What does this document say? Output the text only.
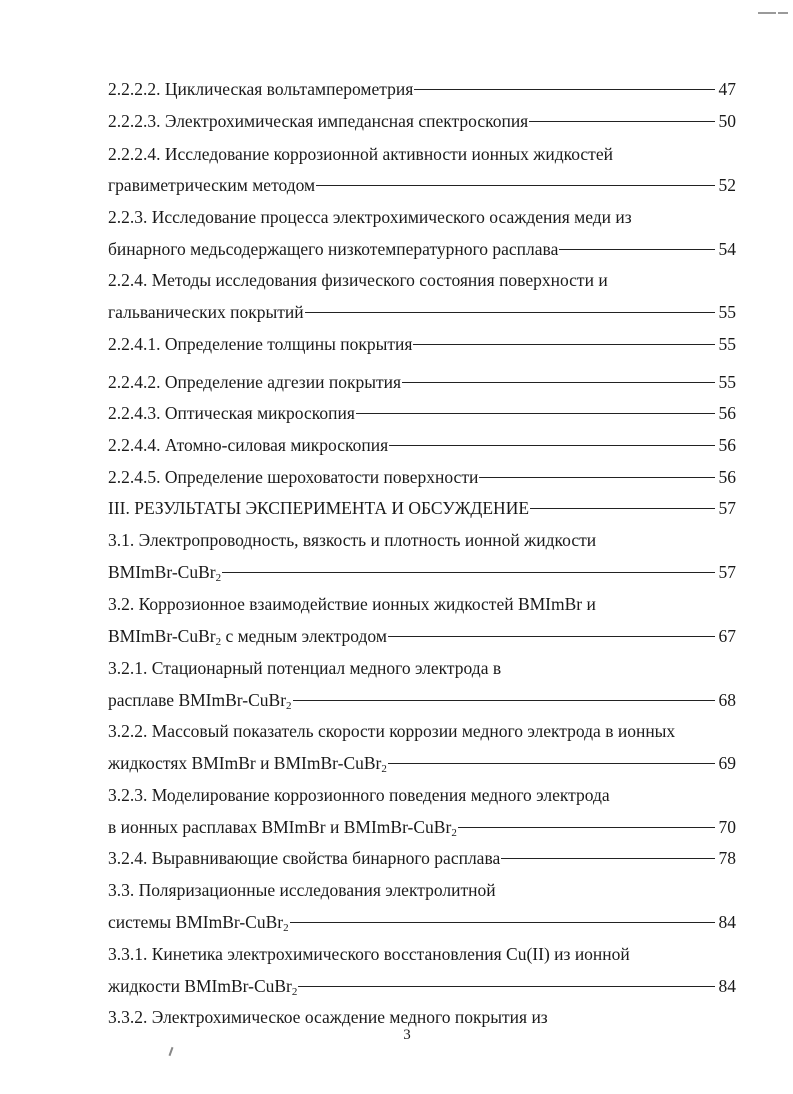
2.2.2.2. Циклическая вольтамперометрия	47
2.2.2.3. Электрохимическая импедансная спектроскопия	50
2.2.2.4. Исследование коррозионной активности ионных жидкостей
гравиметрическим методом	52
2.2.3. Исследование процесса электрохимического осаждения меди из
бинарного медьсодержащего низкотемпературного расплава	54
2.2.4. Методы исследования физического состояния поверхности и
гальванических покрытий	55
2.2.4.1. Определение толщины покрытия	55
2.2.4.2. Определение адгезии покрытия	55
2.2.4.3. Оптическая микроскопия	56
2.2.4.4. Атомно-силовая микроскопия	56
2.2.4.5. Определение шероховатости поверхности	56
III. РЕЗУЛЬТАТЫ ЭКСПЕРИМЕНТА И ОБСУЖДЕНИЕ	57
3.1. Электропроводность, вязкость и плотность ионной жидкости
BMImBr-CuBr$_2$	57
3.2. Коррозионное взаимодействие ионных жидкостей BMImBr и
BMImBr-CuBr$_2$ с медным электродом	67
3.2.1. Стационарный потенциал медного электрода в
расплаве BMImBr-CuBr$_2$	68
3.2.2. Массовый показатель скорости коррозии медного электрода в ионных
жидкостях BMImBr и BMImBr-CuBr$_2$	69
3.2.3. Моделирование коррозионного поведения медного электрода
в ионных расплавах BMImBr и BMImBr-CuBr$_2$	70
3.2.4. Выравнивающие свойства бинарного расплава	78
3.3. Поляризационные исследования электролитной
системы BMImBr-CuBr$_2$	84
3.3.1. Кинетика электрохимического восстановления Cu(II) из ионной
жидкости BMImBr-CuBr$_2$	84
3.3.2. Электрохимическое осаждение медного покрытия из
3
